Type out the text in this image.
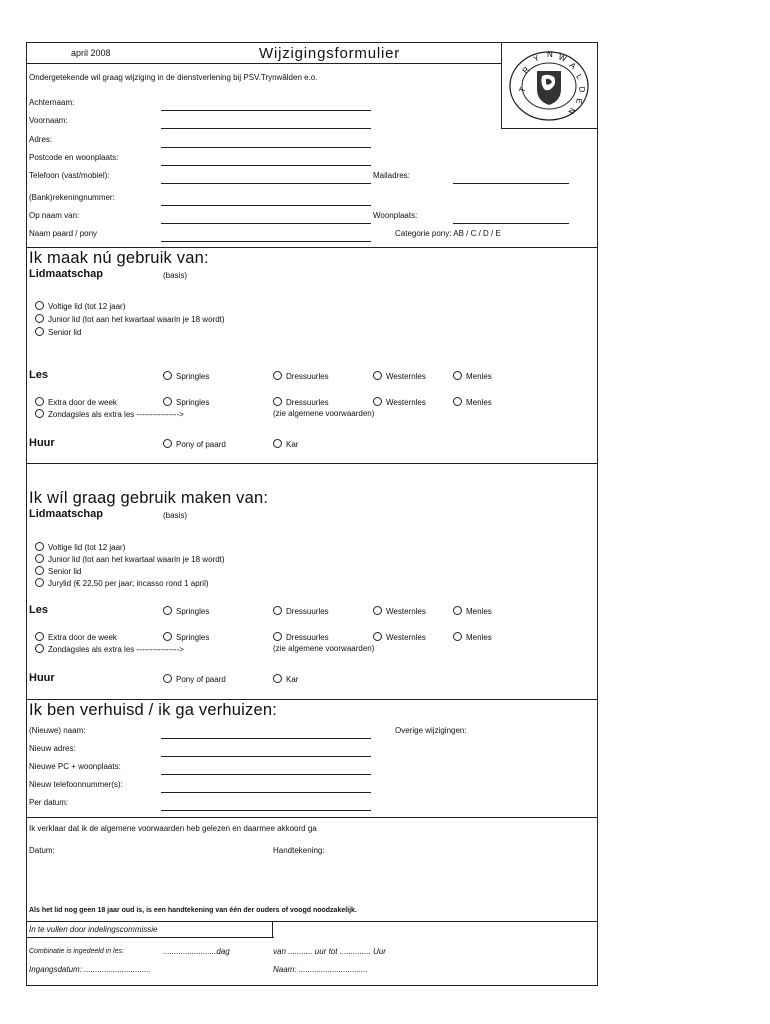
april 2008	Wijzigingsformulier
Ondergetekende wil graag wijziging in de dienstverlening bij PSV.Trynwâlden e.o.
T
R
Y N W
A
L
D
E
N
Achternaam:
Voornaam:
Adres:
Postcode en woonplaats:
Telefoon (vast/mobiel):	Mailadres:
(Bank)rekeningnummer:
Op naam van:	Woonplaats:
Naam paard / pony	Categorie pony: AB / C / D / E
Ik maak nú gebruik van:
Lidmaatschap	(basis)
Voltige lid (tot 12 jaar)
Junior lid (tot aan het kwartaal waarin je 18 wordt)
Senior lid
Les	Springles	Dressuurles	Westernles	Menles
Extra door de week	Springles	Dressuurles	Westernles	Menles
Zondagsles als extra les ---------------->	(zie algemene voorwaarden)
Huur	Pony of paard	Kar
Ik wíl graag gebruik maken van:
Lidmaatschap	(basis)
Voltige lid (tot 12 jaar)
Junior lid (tot aan het kwartaal waarin je 18 wordt)
Senior lid
Jurylid (€ 22,50 per jaar; incasso rond 1 april)
Les	Springles	Dressuurles	Westernles	Menles
Extra door de week	Springles	Dressuurles	Westernles	Menles
Zondagsles als extra les ---------------->	(zie algemene voorwaarden)
Huur	Pony of paard	Kar
Ik ben verhuisd / ik ga verhuizen:
(Nieuwe) naam:	Overige wijzigingen:
Nieuw adres:
Nieuwe PC + woonplaats:
Nieuw telefoonnummer(s):
Per datum:
Ik verklaar dat ik de algemene voorwaarden heb gelezen en daarmee akkoord ga
Datum:	Handtekening:
Als het lid nog geen 18 jaar oud is, is een handtekening van één der ouders of voogd noodzakelijk.
In te vullen door indelingscommissie
Combinatie is ingedeeld in les:	........................dag	van ........... uur tot .............. Uur
Ingangsdatum: ..............................	Naam: ...............................
